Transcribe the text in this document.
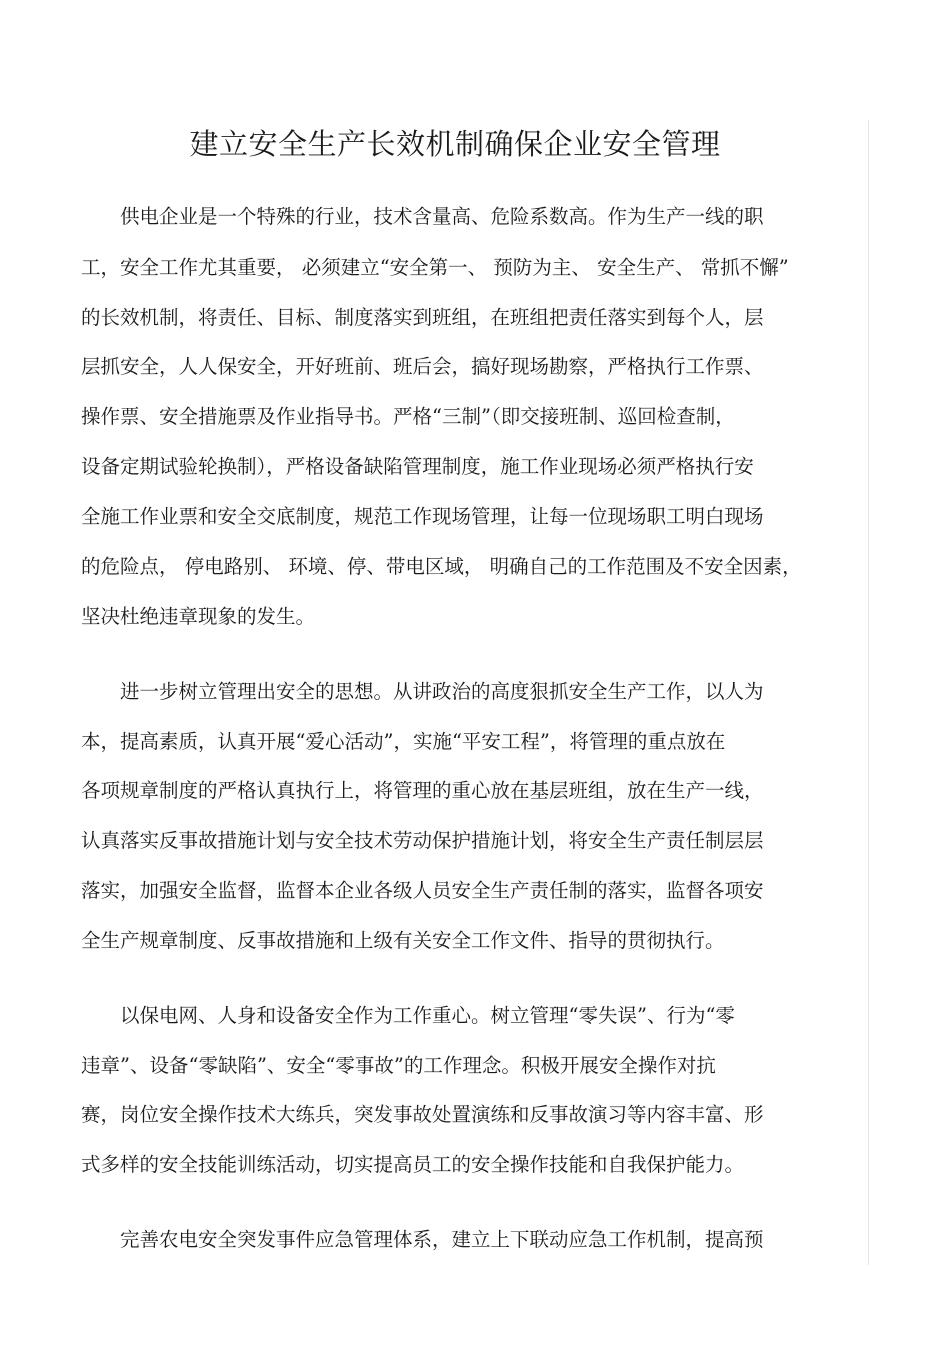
建立安全生产长效机制确保企业安全管理

供电企业是一个特殊的行业，技术含量高、危险系数高。作为生产一线的职

工，安全工作尤其重要， 必须建立“安全第一、 预防为主、 安全生产、 常抓不懈”

的长效机制，将责任、目标、制度落实到班组，在班组把责任落实到每个人，层

层抓安全，人人保安全，开好班前、班后会，搞好现场勘察，严格执行工作票、

操作票、安全措施票及作业指导书。严格“三制”（即交接班制、巡回检查制，

设备定期试验轮换制），严格设备缺陷管理制度，施工作业现场必须严格执行安

全施工作业票和安全交底制度，规范工作现场管理，让每一位现场职工明白现场

的危险点， 停电路别、 环境、停、带电区域， 明确自己的工作范围及不安全因素，

坚决杜绝违章现象的发生。

进一步树立管理出安全的思想。从讲政治的高度狠抓安全生产工作，以人为

本，提高素质，认真开展“爱心活动”，实施“平安工程”，将管理的重点放在

各项规章制度的严格认真执行上，将管理的重心放在基层班组，放在生产一线，

认真落实反事故措施计划与安全技术劳动保护措施计划，将安全生产责任制层层

落实，加强安全监督，监督本企业各级人员安全生产责任制的落实，监督各项安

全生产规章制度、反事故措施和上级有关安全工作文件、指导的贯彻执行。

以保电网、人身和设备安全作为工作重心。树立管理“零失误”、行为“零

违章”、设备“零缺陷”、安全“零事故”的工作理念。积极开展安全操作对抗

赛，岗位安全操作技术大练兵，突发事故处置演练和反事故演习等内容丰富、形

式多样的安全技能训练活动，切实提高员工的安全操作技能和自我保护能力。

完善农电安全突发事件应急管理体系，建立上下联动应急工作机制，提高预
